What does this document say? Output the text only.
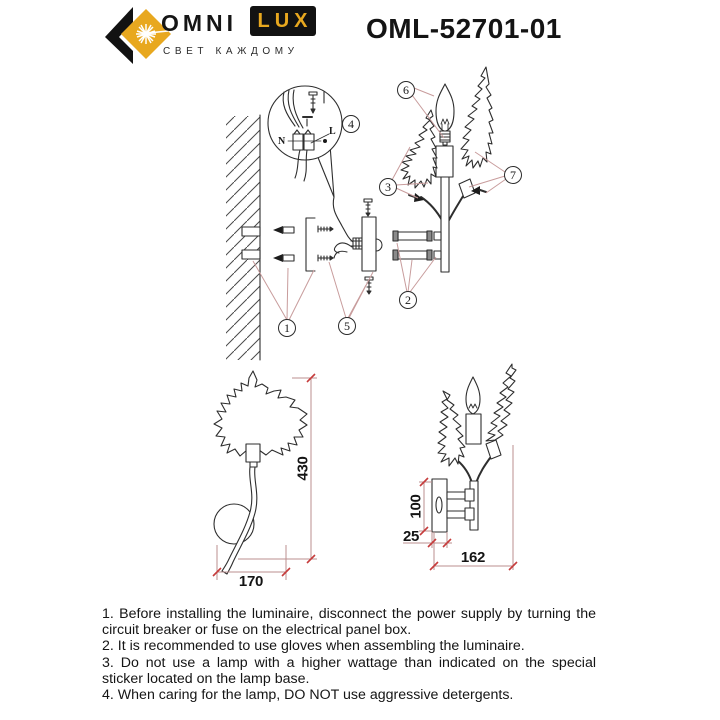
OMNI LUX
СВЕТ КАЖДОМУ
OML-52701-01
1
2
3
4
5
6
7
N
L
430
170
100
25
162

1. Before installing the luminaire, disconnect the power supply by turning the circuit breaker or fuse on the electrical panel box.

2. It is recommended to use gloves when assembling the luminaire.

3. Do not use a lamp with a higher wattage than indicated on the special sticker located on the lamp base.

4. When caring for the lamp, DO NOT use aggressive detergents.
